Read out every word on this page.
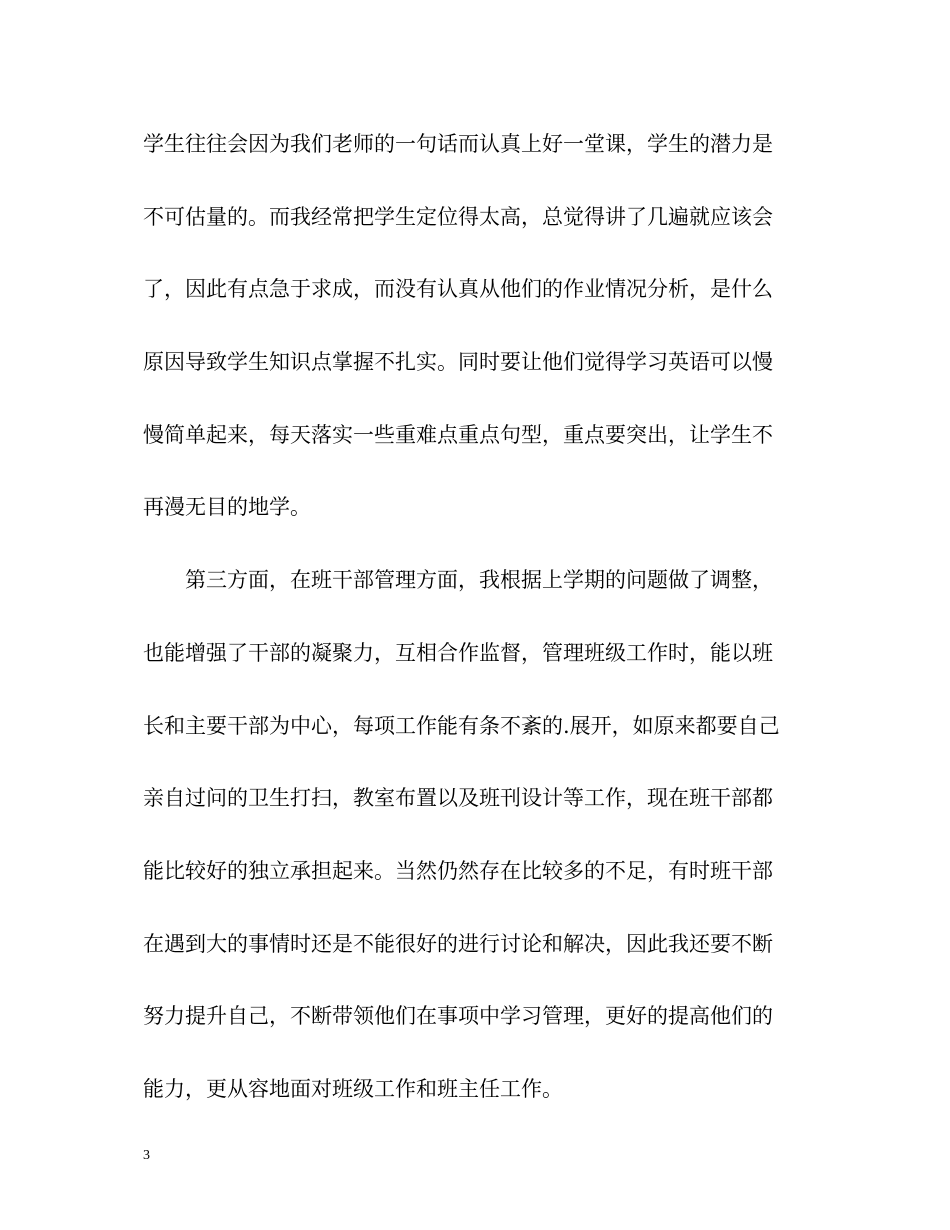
学生往往会因为我们老师的一句话而认真上好一堂课，学生的潜力是
不可估量的。而我经常把学生定位得太高，总觉得讲了几遍就应该会
了，因此有点急于求成，而没有认真从他们的作业情况分析，是什么
原因导致学生知识点掌握不扎实。同时要让他们觉得学习英语可以慢
慢简单起来，每天落实一些重难点重点句型，重点要突出，让学生不
再漫无目的地学。
第三方面，在班干部管理方面，我根据上学期的问题做了调整，
也能增强了干部的凝聚力，互相合作监督，管理班级工作时，能以班
长和主要干部为中心，每项工作能有条不紊的.展开，如原来都要自己
亲自过问的卫生打扫，教室布置以及班刊设计等工作，现在班干部都
能比较好的独立承担起来。当然仍然存在比较多的不足，有时班干部
在遇到大的事情时还是不能很好的进行讨论和解决，因此我还要不断
努力提升自己，不断带领他们在事项中学习管理，更好的提高他们的
能力，更从容地面对班级工作和班主任工作。
3
